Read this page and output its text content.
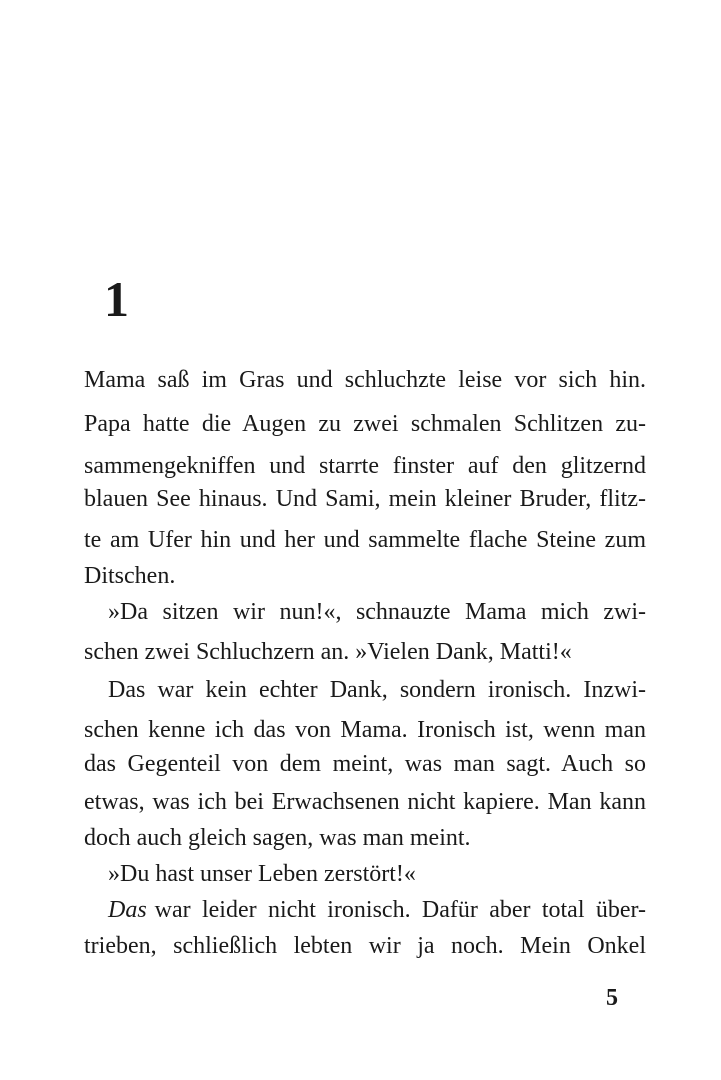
1
Mama saß im Gras und schluchzte leise vor sich hin.
Papa hatte die Augen zu zwei schmalen Schlitzen zu-
sammengekniffen und starrte finster auf den glitzernd
blauen See hinaus. Und Sami, mein kleiner Bruder, flitz-
te am Ufer hin und her und sammelte flache Steine zum
Ditschen.
»Da sitzen wir nun!«, schnauzte Mama mich zwi-
schen zwei Schluchzern an. »Vielen Dank, Matti!«
Das war kein echter Dank, sondern ironisch. Inzwi-
schen kenne ich das von Mama. Ironisch ist, wenn man
das Gegenteil von dem meint, was man sagt. Auch so
etwas, was ich bei Erwachsenen nicht kapiere. Man kann
doch auch gleich sagen, was man meint.
»Du hast unser Leben zerstört!«
Das war leider nicht ironisch. Dafür aber total über-
trieben, schließlich lebten wir ja noch. Mein Onkel
5
